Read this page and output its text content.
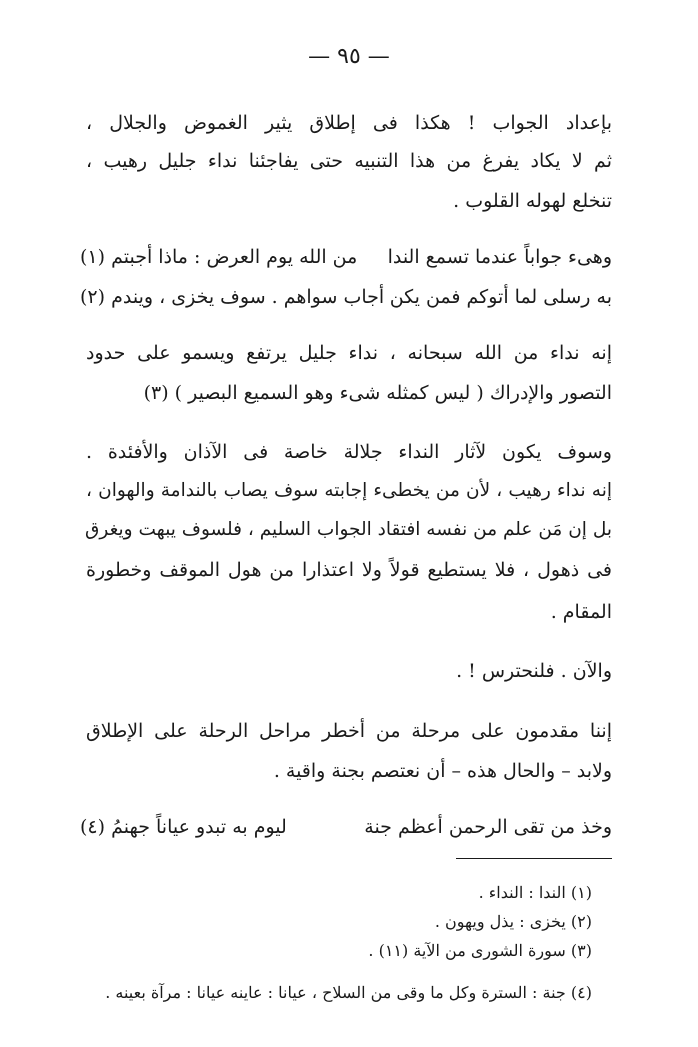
— ٩٥ —
بإعداد الجواب ! هكذا فى إطلاق يثير الغموض والجلال ،
ثم لا يكاد يفرغ من هذا التنبيه حتى يفاجئنا نداء جليل رهيب ،
تنخلع لهوله القلوب .
وهىء جواباً عندما تسمع الندا
من الله يوم العرض : ماذا أجبتم (١)
به رسلى لما أتوكم فمن يكن
أجاب سواهم . سوف يخزى ، ويندم (٢)
إنه نداء من الله سبحانه ، نداء جليل يرتفع ويسمو على حدود
التصور والإدراك ( ليس كمثله شىء وهو السميع البصير ) (٣)
وسوف يكون لآثار النداء جلالة خاصة فى الآذان والأفئدة .
إنه نداء رهيب ، لأن من يخطىء إجابته سوف يصاب بالندامة والهوان ،
بل إن مَن علم من نفسه افتقاد الجواب السليم ، فلسوف يبهت ويغرق
فى ذهول ، فلا يستطيع قولاً ولا اعتذارا من هول الموقف وخطورة
المقام .
والآن . فلنحترس ! .
إننا مقدمون على مرحلة من أخطر مراحل الرحلة على الإطلاق
ولابد – والحال هذه – أن نعتصم بجنة واقية .
وخذ من تقى الرحمن أعظم جنة
ليوم به تبدو عياناً جهنمُ (٤)
(١) الندا : النداء .
(٢) يخزى : يذل ويهون .
(٣) سورة الشورى من الآية (١١) .
(٤) جنة : السترة وكل ما وقى من السلاح ، عيانا : عاينه عيانا : مرآة بعينه .
